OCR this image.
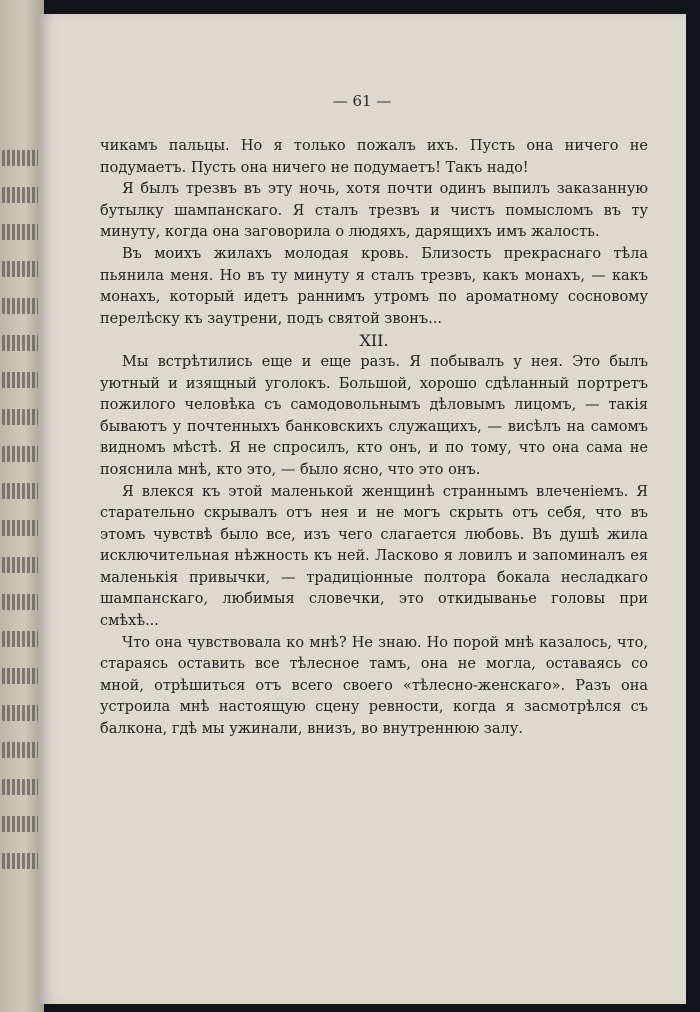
— 61 —

чикамъ пальцы. Но я только пожалъ ихъ. Пусть она ничего не подумаетъ. Пусть она ничего не подумаетъ! Такъ надо!

Я былъ трезвъ въ эту ночь, хотя почти одинъ выпилъ заказанную бутылку шампанскаго. Я сталъ трезвъ и чистъ помысломъ въ ту минуту, когда она заговорила о людяхъ, дарящихъ имъ жалость.

Въ моихъ жилахъ молодая кровь. Близость прекраснаго тѣла пьянила меня. Но въ ту минуту я сталъ трезвъ, какъ монахъ, — какъ монахъ, который идетъ раннимъ утромъ по ароматному сосновому перелѣску къ заутрени, подъ святой звонъ...

XII.

Мы встрѣтились еще и еще разъ. Я побывалъ у нея. Это былъ уютный и изящный уголокъ. Большой, хорошо сдѣланный портретъ пожилого человѣка съ самодовольнымъ дѣловымъ лицомъ, — такія бываютъ у почтенныхъ банковскихъ служащихъ, — висѣлъ на самомъ видномъ мѣстѣ. Я не спросилъ, кто онъ, и по тому, что она сама не пояснила мнѣ, кто это, — было ясно, что это онъ.

Я влекся къ этой маленькой женщинѣ страннымъ влеченіемъ. Я старательно скрывалъ отъ нея и не могъ скрыть отъ себя, что въ этомъ чувствѣ было все, изъ чего слагается любовь. Въ душѣ жила исключительная нѣжность къ ней. Ласково я ловилъ и запоминалъ ея маленькія привычки, — традиціонные полтора бокала несладкаго шампанскаго, любимыя словечки, это откидыванье головы при смѣхѣ...

Что она чувствовала ко мнѣ? Не знаю. Но порой мнѣ казалось, что, стараясь оставить все тѣлесное тамъ, она не могла, оставаясь со мной, отрѣшиться отъ всего своего «тѣлесно-женскаго». Разъ она устроила мнѣ настоящую сцену ревности, когда я засмотрѣлся съ балкона, гдѣ мы ужинали, внизъ, во внутреннюю залу.
